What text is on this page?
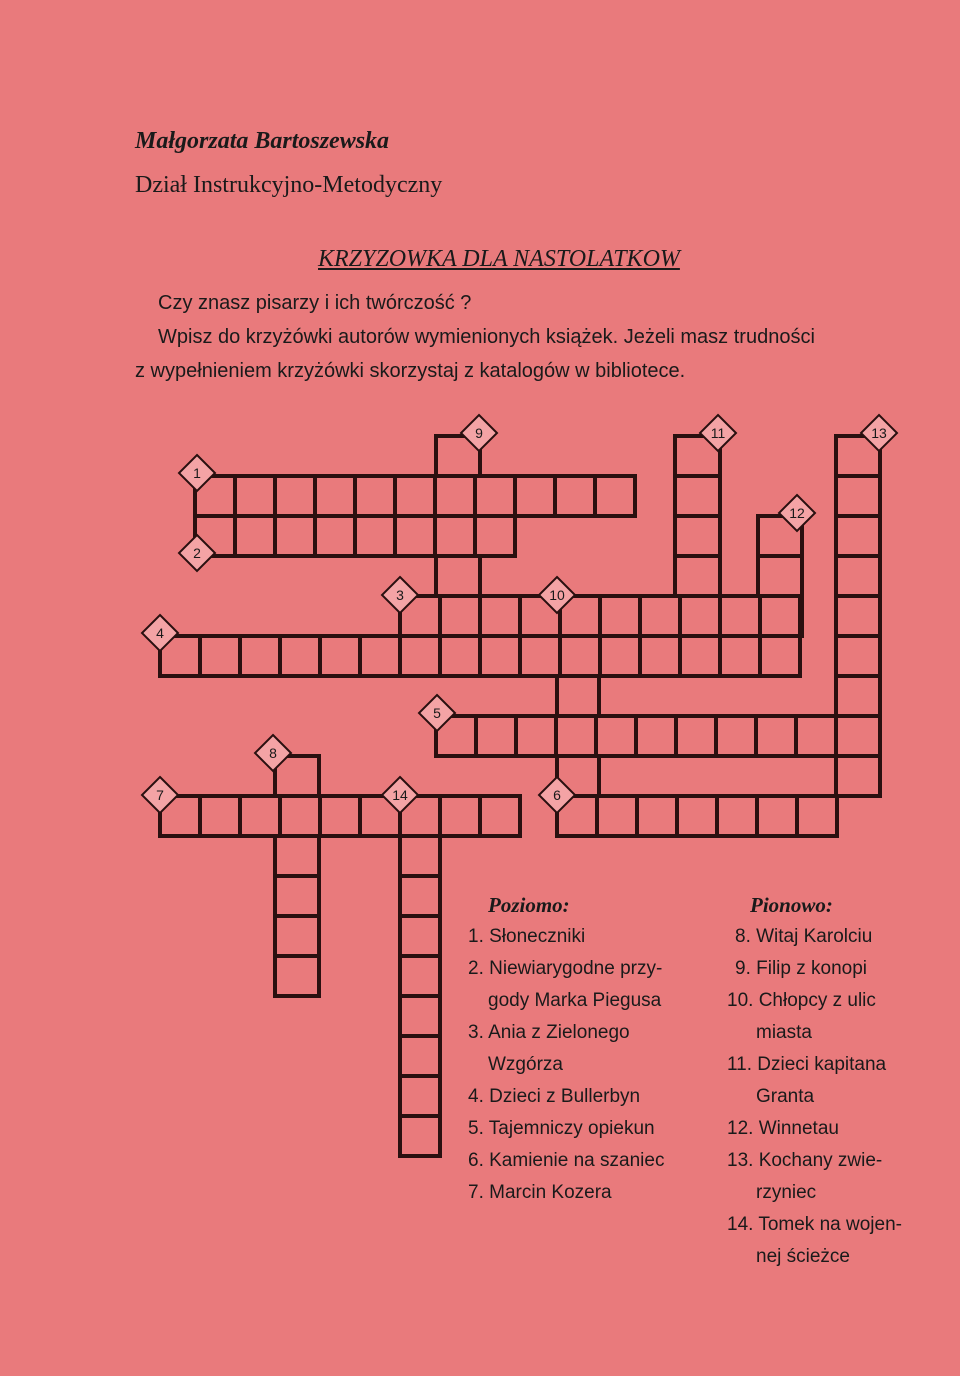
Małgorzata Bartoszewska
Dział Instrukcyjno-Metodyczny
KRZYZOWKA DLA NASTOLATKOW
Czy znasz pisarzy i ich twórczość ?
Wpisz do krzyżówki autorów wymienionych książek. Jeżeli masz trudności
z wypełnieniem krzyżówki skorzystaj z katalogów w bibliotece.
1
2
3
4
5
6
7
8
9
10
11
12
13
14
Poziomo:
1. Słoneczniki
2. Niewiarygodne przy-
gody Marka Piegusa
3. Ania z Zielonego
Wzgórza
4. Dzieci z Bullerbyn
5. Tajemniczy opiekun
6. Kamienie na szaniec
7. Marcin Kozera
Pionowo:
8. Witaj Karolciu
9. Filip z konopi
10. Chłopcy z ulic
miasta
11. Dzieci kapitana
Granta
12. Winnetau
13. Kochany zwie-
rzyniec
14. Tomek na wojen-
nej ścieżce
